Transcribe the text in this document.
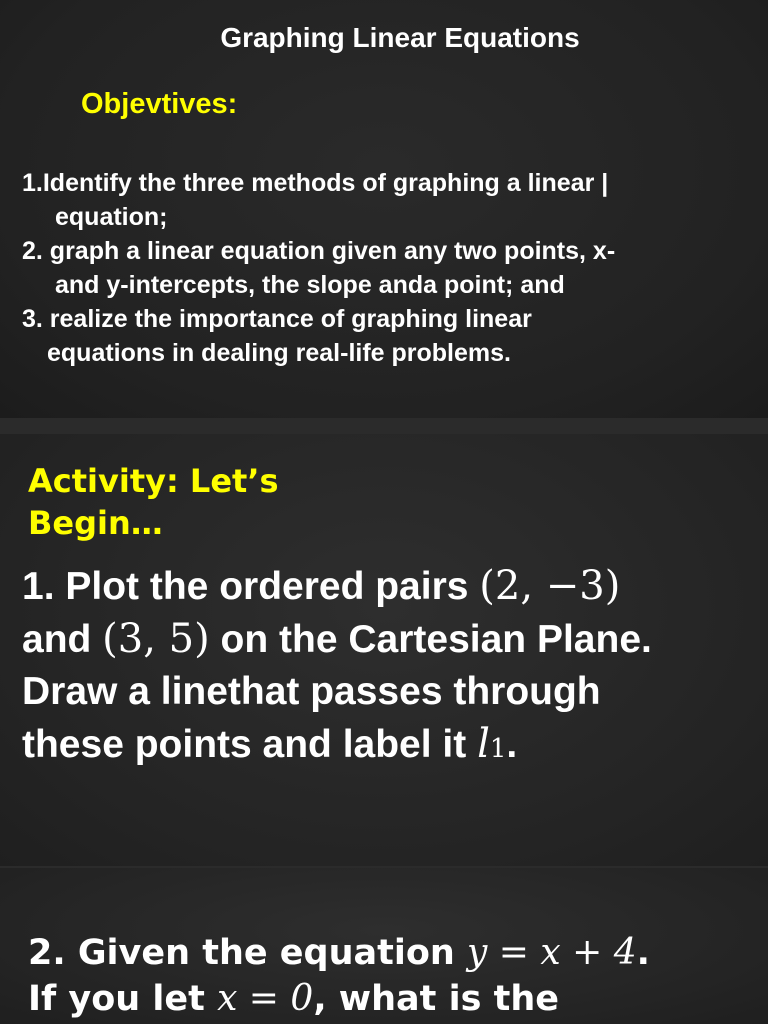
Graphing Linear Equations
Objevtives:

1.Identify the three methods of graphing a linear |
equation;

2. graph a linear equation given any two points, x-
and y-intercepts, the slope anda point; and

3. realize the importance of graphing linear
equations in dealing real-life problems.

Activity: Let’s
Begin…
1. Plot the ordered pairs (2, −3)
and (3, 5) on the Cartesian Plane.
Draw a linethat passes through
these points and label it l1.
2. Given the equation y = x + 4.
If you let x = 0, what is the
